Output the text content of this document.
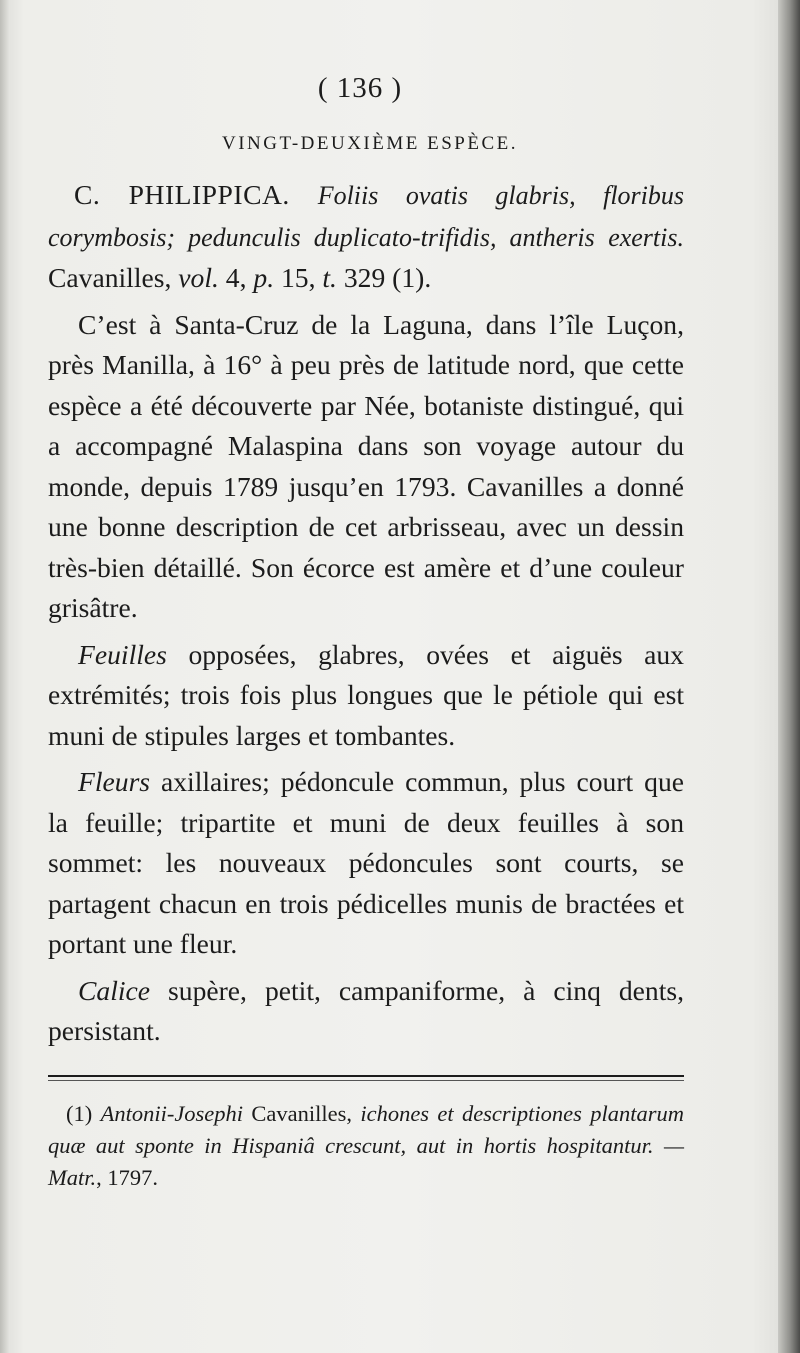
( 136 )
VINGT-DEUXIÈME ESPÈCE.

C. PHILIPPICA. Foliis ovatis glabris, floribus corymbosis; pedunculis duplicato-trifidis, antheris exertis. Cavanilles, vol. 4, p. 15, t. 329 (1).

C’est à Santa-Cruz de la Laguna, dans l’île Luçon, près Manilla, à 16° à peu près de latitude nord, que cette espèce a été découverte par Née, botaniste distingué, qui a accompagné Malaspina dans son voyage autour du monde, depuis 1789 jusqu’en 1793. Cavanilles a donné une bonne description de cet arbrisseau, avec un dessin très-bien détaillé. Son écorce est amère et d’une couleur grisâtre.

Feuilles opposées, glabres, ovées et aiguës aux extrémités; trois fois plus longues que le pétiole qui est muni de stipules larges et tombantes.

Fleurs axillaires; pédoncule commun, plus court que la feuille; tripartite et muni de deux feuilles à son sommet: les nouveaux pédoncules sont courts, se partagent chacun en trois pédicelles munis de bractées et portant une fleur.

Calice supère, petit, campaniforme, à cinq dents, persistant.

(1) Antonii-Josephi Cavanilles, ichones et descriptiones plantarum quæ aut sponte in Hispaniâ crescunt, aut in hortis hospitantur. — Matr., 1797.
